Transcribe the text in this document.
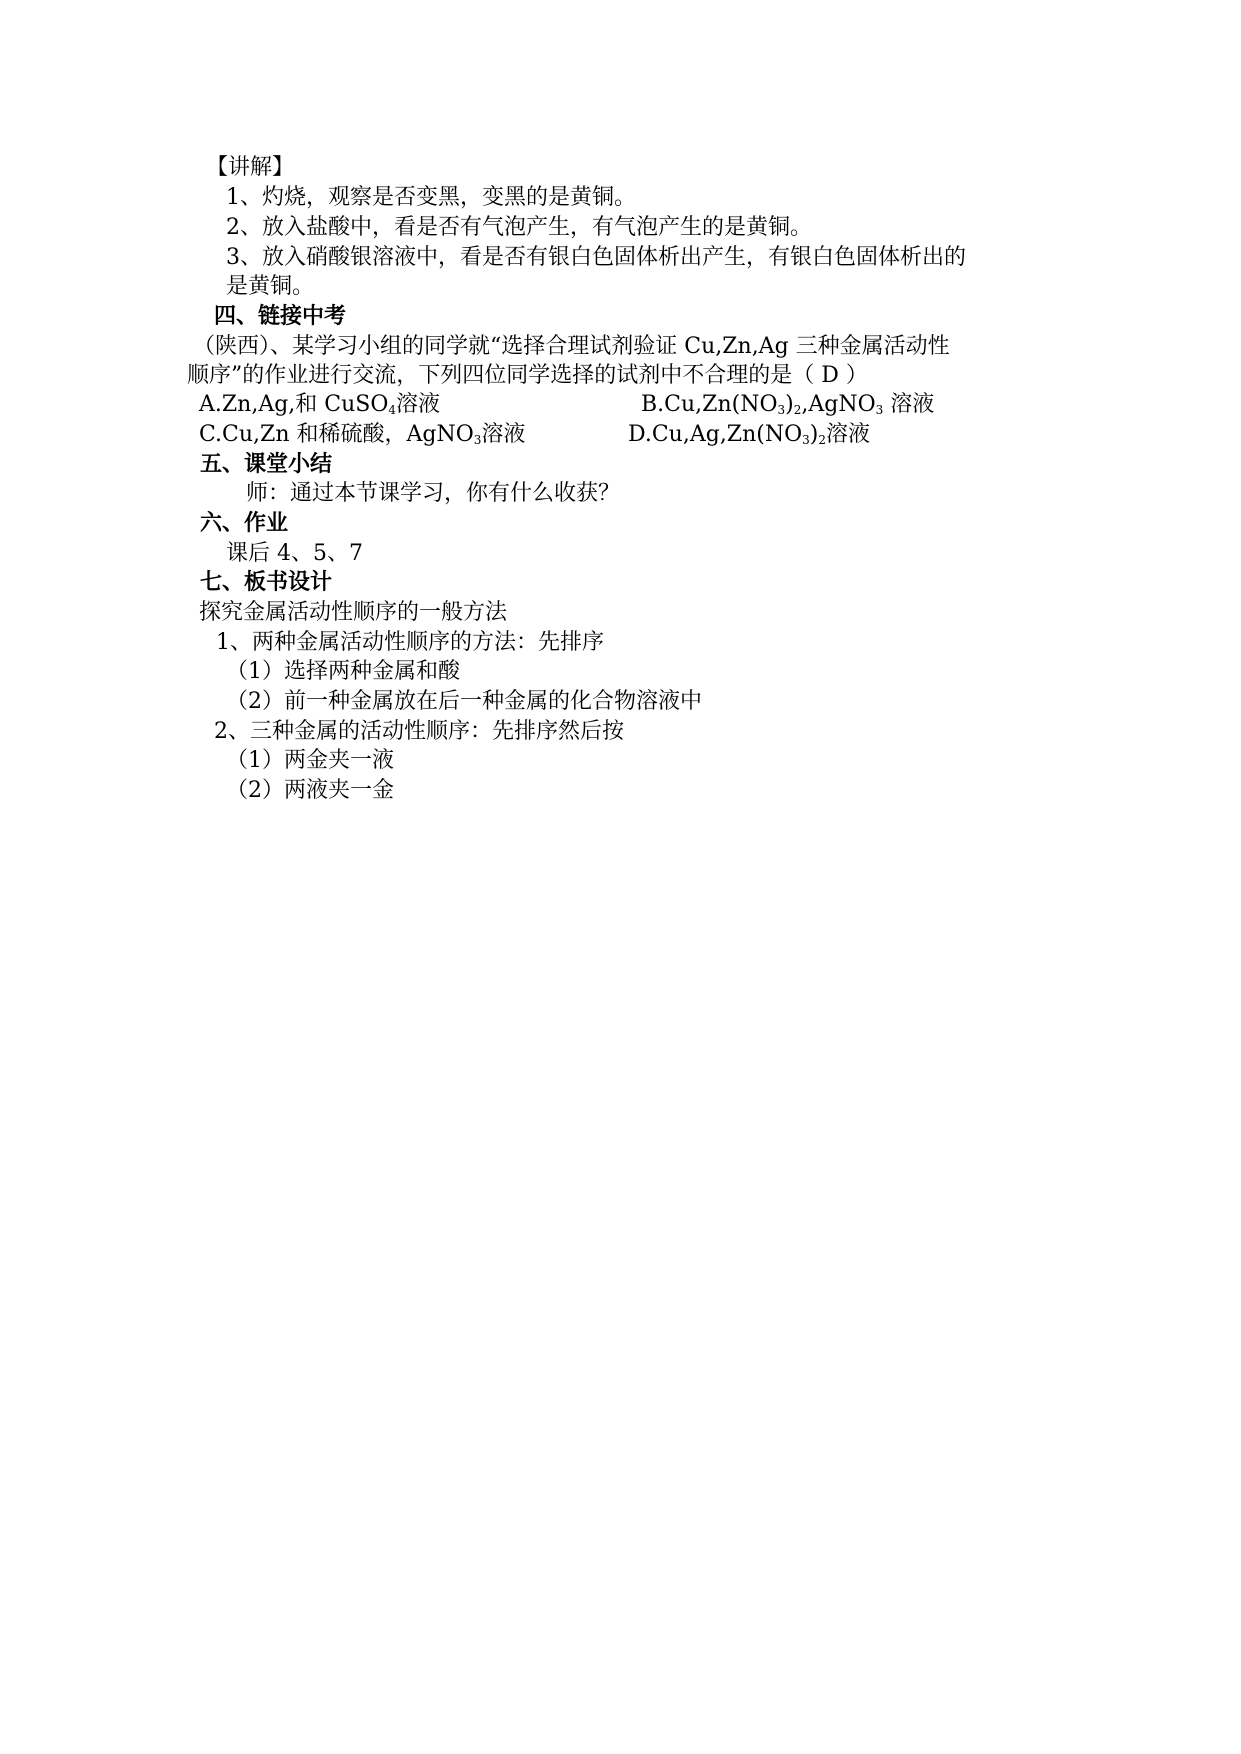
【讲解】
1、灼烧，观察是否变黑，变黑的是黄铜。
2、放入盐酸中，看是否有气泡产生，有气泡产生的是黄铜。
3、放入硝酸银溶液中，看是否有银白色固体析出产生，有银白色固体析出的
是黄铜。
四、链接中考
（陕西）、某学习小组的同学就“选择合理试剂验证 Cu,Zn,Ag 三种金属活动性
顺序”的作业进行交流，下列四位同学选择的试剂中不合理的是（ D ）
A.Zn,Ag,和 CuSO$_4$溶液	$B.Cu,Zn(NO_3)_2,AgNO_3$ 溶液
C.Cu,Zn 和稀硫酸，AgNO$_3$溶液	$D.Cu,Ag,Zn(NO_3)_2$溶液
五、课堂小结
师：通过本节课学习，你有什么收获？
六、作业
课后 4、5、7
七、板书设计
探究金属活动性顺序的一般方法
1、两种金属活动性顺序的方法：先排序
（1）选择两种金属和酸
（2）前一种金属放在后一种金属的化合物溶液中
2、三种金属的活动性顺序：先排序然后按
（1）两金夹一液
（2）两液夹一金
